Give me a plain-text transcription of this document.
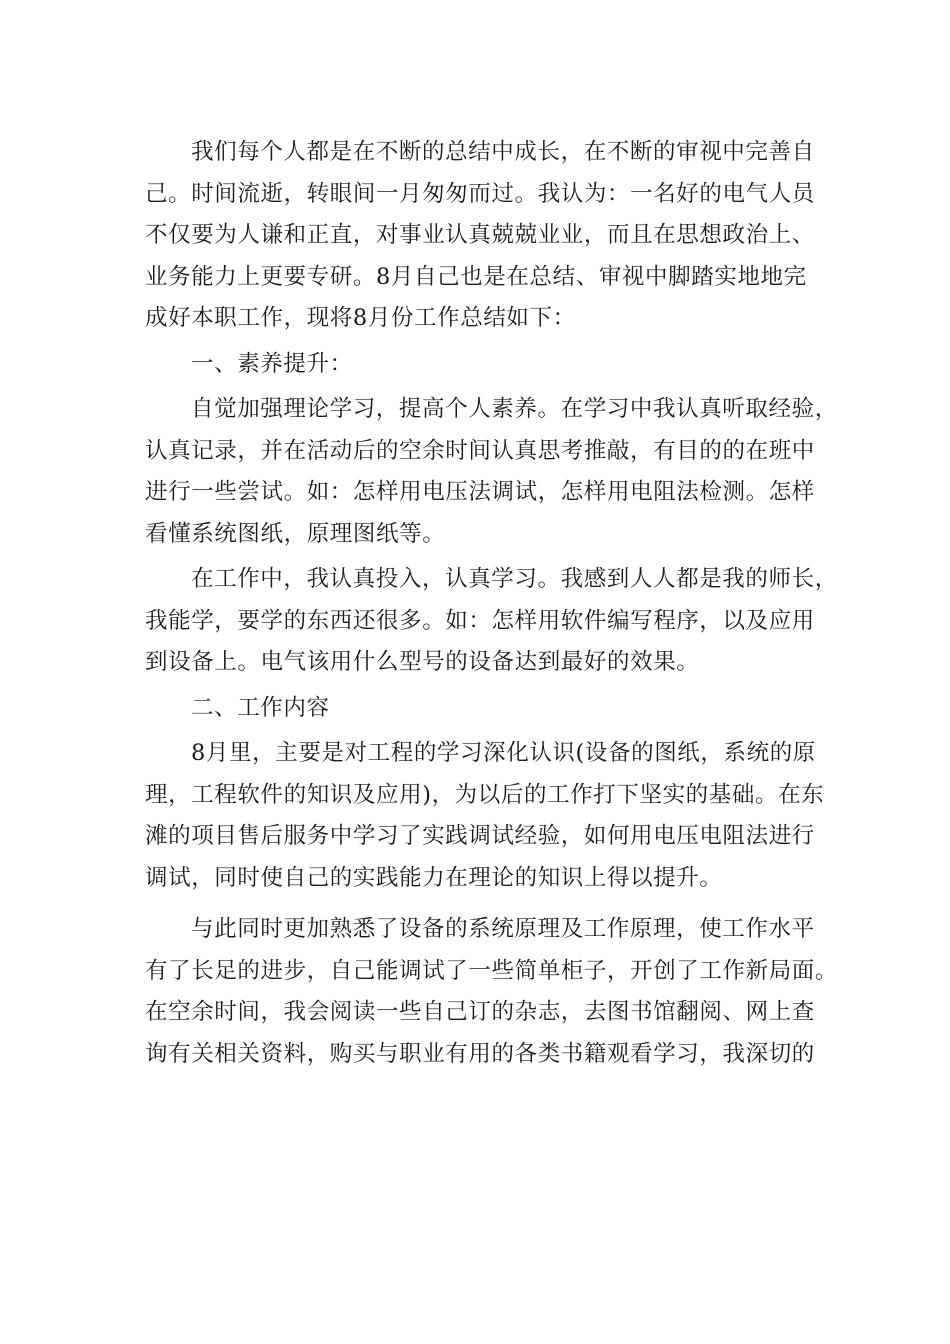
我们每个人都是在不断的总结中成长，在不断的审视中完善自
己。时间流逝，转眼间一月匆匆而过。我认为：一名好的电气人员
不仅要为人谦和正直，对事业认真兢兢业业，而且在思想政治上、
业务能力上更要专研。8月自己也是在总结、审视中脚踏实地地完
成好本职工作，现将8月份工作总结如下：
一、素养提升：
自觉加强理论学习，提高个人素养。在学习中我认真听取经验，
认真记录，并在活动后的空余时间认真思考推敲，有目的的在班中
进行一些尝试。如：怎样用电压法调试，怎样用电阻法检测。怎样
看懂系统图纸，原理图纸等。
在工作中，我认真投入，认真学习。我感到人人都是我的师长，
我能学，要学的东西还很多。如：怎样用软件编写程序，以及应用
到设备上。电气该用什么型号的设备达到最好的效果。
二、工作内容
8月里，主要是对工程的学习深化认识(设备的图纸，系统的原
理，工程软件的知识及应用)，为以后的工作打下坚实的基础。在东
滩的项目售后服务中学习了实践调试经验，如何用电压电阻法进行
调试，同时使自己的实践能力在理论的知识上得以提升。
与此同时更加熟悉了设备的系统原理及工作原理，使工作水平
有了长足的进步，自己能调试了一些简单柜子，开创了工作新局面。
在空余时间，我会阅读一些自己订的杂志，去图书馆翻阅、网上查
询有关相关资料，购买与职业有用的各类书籍观看学习，我深切的
